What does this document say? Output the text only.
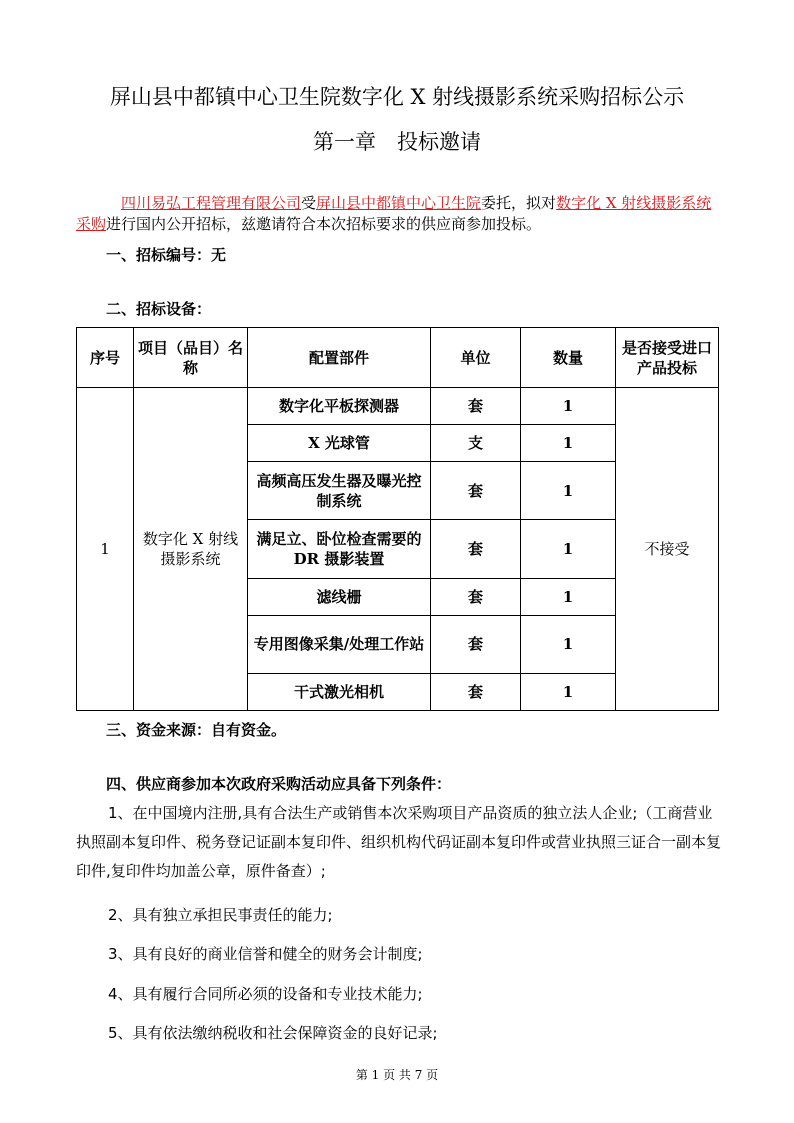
屏山县中都镇中心卫生院数字化 X 射线摄影系统采购招标公示
第一章　投标邀请
四川易弘工程管理有限公司受屏山县中都镇中心卫生院委托，拟对数字化 X 射线摄影系统采购进行国内公开招标，兹邀请符合本次招标要求的供应商参加投标。
一、招标编号：无
二、招标设备：
序号	项目（品目）名称	配置部件	单位	数量	是否接受进口产品投标
1	数字化 X 射线摄影系统	数字化平板探测器	套	1	不接受
		X 光球管	支	1	
		高频高压发生器及曝光控制系统	套	1	
		满足立、卧位检查需要的 DR 摄影装置	套	1	
		滤线栅	套	1	
		专用图像采集/处理工作站	套	1	
		干式激光相机	套	1	
三、资金来源：自有资金。
四、供应商参加本次政府采购活动应具备下列条件：
1、在中国境内注册,具有合法生产或销售本次采购项目产品资质的独立法人企业;（工商营业执照副本复印件、税务登记证副本复印件、组织机构代码证副本复印件或营业执照三证合一副本复印件,复印件均加盖公章，原件备查）;
2、具有独立承担民事责任的能力;
3、具有良好的商业信誉和健全的财务会计制度;
4、具有履行合同所必须的设备和专业技术能力;
5、具有依法缴纳税收和社会保障资金的良好记录;
第 1 页 共 7 页
